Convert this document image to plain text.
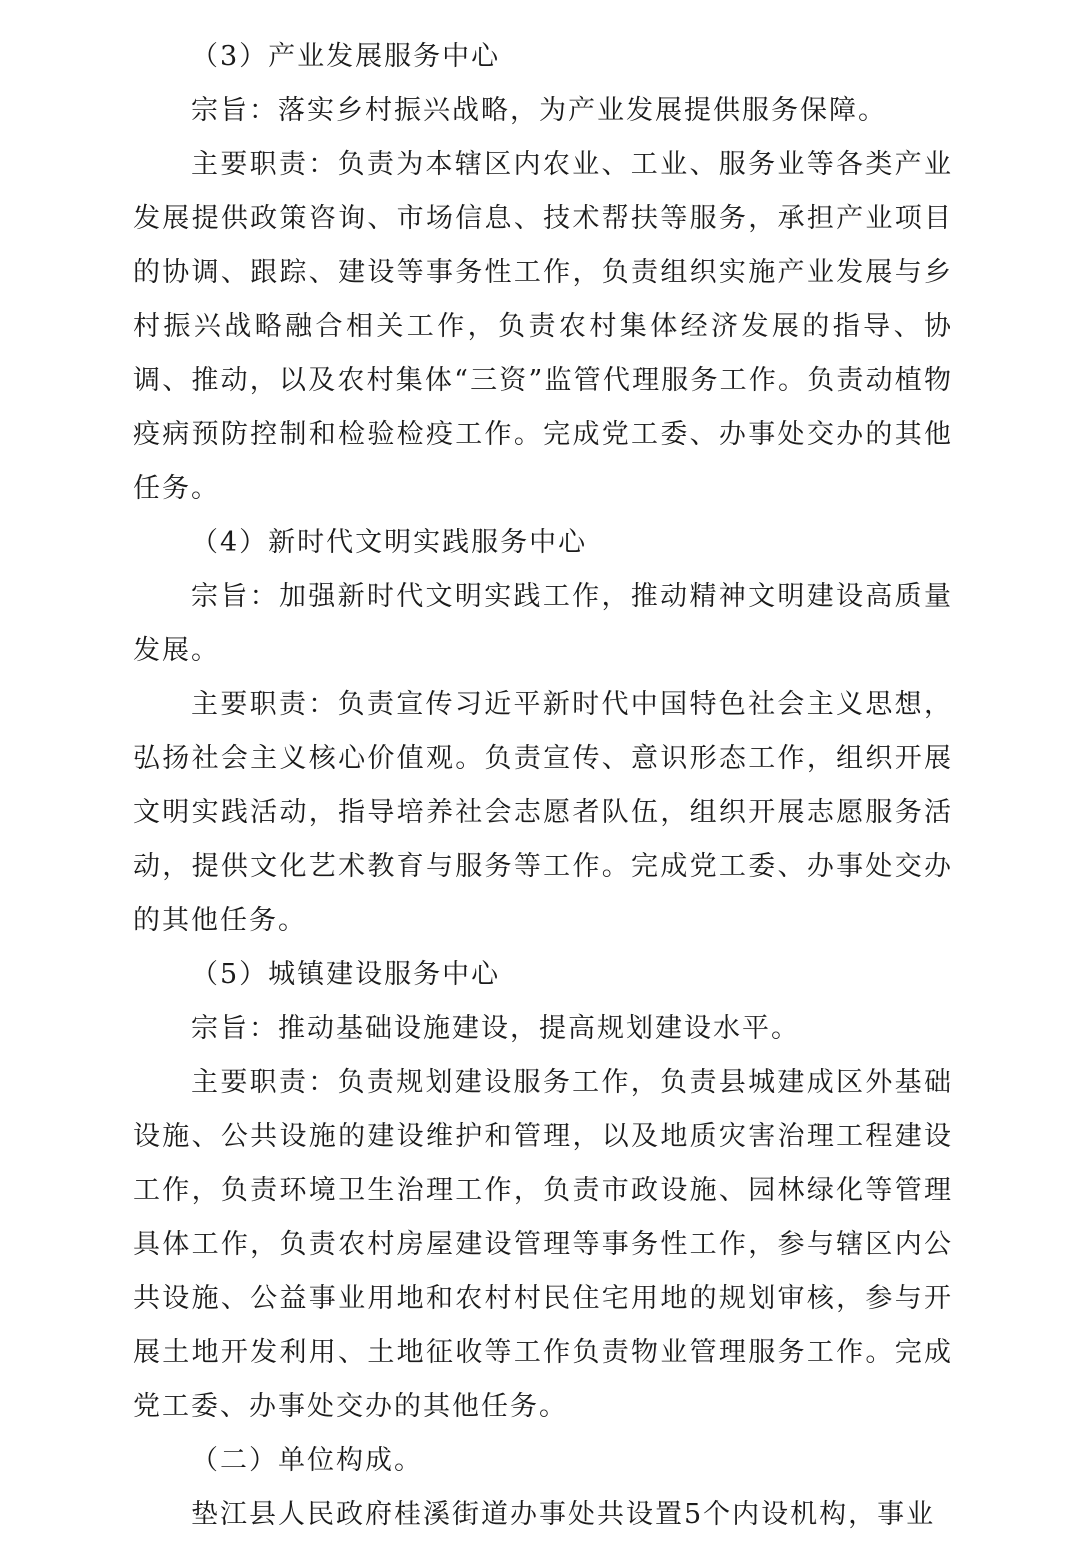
（3）产业发展服务中心

宗旨：落实乡村振兴战略，为产业发展提供服务保障。

主要职责：负责为本辖区内农业、工业、服务业等各类产业发展提供政策咨询、市场信息、技术帮扶等服务，承担产业项目的协调、跟踪、建设等事务性工作，负责组织实施产业发展与乡村振兴战略融合相关工作，负责农村集体经济发展的指导、协调、推动，以及农村集体“三资”监管代理服务工作。负责动植物疫病预防控制和检验检疫工作。完成党工委、办事处交办的其他任务。

（4）新时代文明实践服务中心

宗旨：加强新时代文明实践工作，推动精神文明建设高质量发展。

主要职责：负责宣传习近平新时代中国特色社会主义思想，弘扬社会主义核心价值观。负责宣传、意识形态工作，组织开展文明实践活动，指导培养社会志愿者队伍，组织开展志愿服务活动，提供文化艺术教育与服务等工作。完成党工委、办事处交办的其他任务。

（5）城镇建设服务中心

宗旨：推动基础设施建设，提高规划建设水平。

主要职责：负责规划建设服务工作，负责县城建成区外基础设施、公共设施的建设维护和管理，以及地质灾害治理工程建设工作，负责环境卫生治理工作，负责市政设施、园林绿化等管理具体工作，负责农村房屋建设管理等事务性工作，参与辖区内公共设施、公益事业用地和农村村民住宅用地的规划审核，参与开展土地开发利用、土地征收等工作负责物业管理服务工作。完成党工委、办事处交办的其他任务。

（二）单位构成。

垫江县人民政府桂溪街道办事处共设置5个内设机构，事业
